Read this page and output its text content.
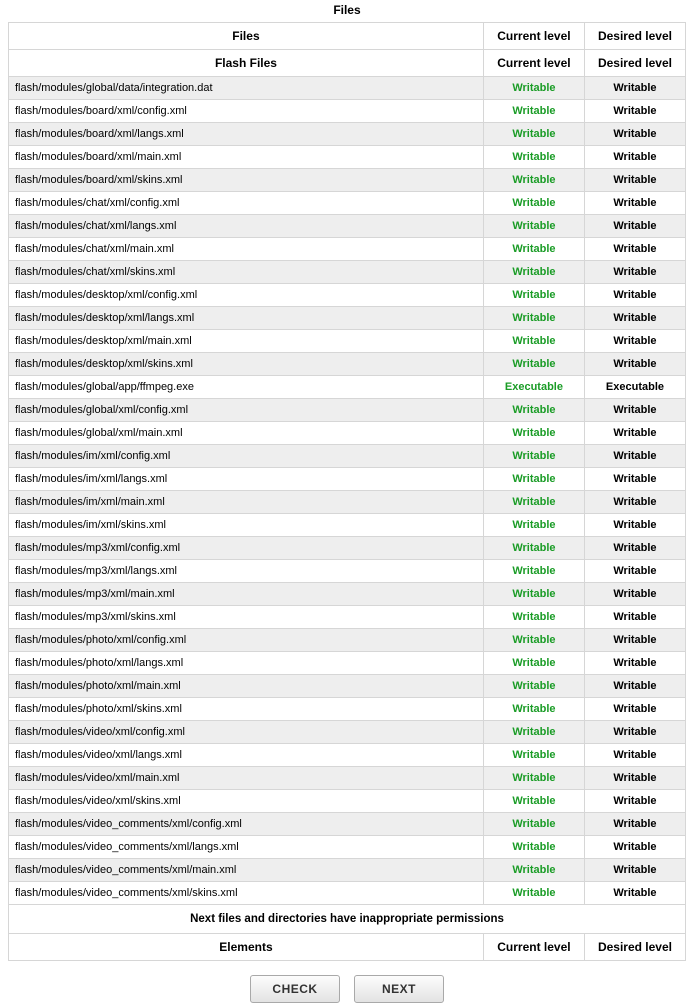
Files
Files	Current level	Desired level
Flash Files	Current level	Desired level
flash/modules/global/data/integration.dat	Writable	Writable
flash/modules/board/xml/config.xml	Writable	Writable
flash/modules/board/xml/langs.xml	Writable	Writable
flash/modules/board/xml/main.xml	Writable	Writable
flash/modules/board/xml/skins.xml	Writable	Writable
flash/modules/chat/xml/config.xml	Writable	Writable
flash/modules/chat/xml/langs.xml	Writable	Writable
flash/modules/chat/xml/main.xml	Writable	Writable
flash/modules/chat/xml/skins.xml	Writable	Writable
flash/modules/desktop/xml/config.xml	Writable	Writable
flash/modules/desktop/xml/langs.xml	Writable	Writable
flash/modules/desktop/xml/main.xml	Writable	Writable
flash/modules/desktop/xml/skins.xml	Writable	Writable
flash/modules/global/app/ffmpeg.exe	Executable	Executable
flash/modules/global/xml/config.xml	Writable	Writable
flash/modules/global/xml/main.xml	Writable	Writable
flash/modules/im/xml/config.xml	Writable	Writable
flash/modules/im/xml/langs.xml	Writable	Writable
flash/modules/im/xml/main.xml	Writable	Writable
flash/modules/im/xml/skins.xml	Writable	Writable
flash/modules/mp3/xml/config.xml	Writable	Writable
flash/modules/mp3/xml/langs.xml	Writable	Writable
flash/modules/mp3/xml/main.xml	Writable	Writable
flash/modules/mp3/xml/skins.xml	Writable	Writable
flash/modules/photo/xml/config.xml	Writable	Writable
flash/modules/photo/xml/langs.xml	Writable	Writable
flash/modules/photo/xml/main.xml	Writable	Writable
flash/modules/photo/xml/skins.xml	Writable	Writable
flash/modules/video/xml/config.xml	Writable	Writable
flash/modules/video/xml/langs.xml	Writable	Writable
flash/modules/video/xml/main.xml	Writable	Writable
flash/modules/video/xml/skins.xml	Writable	Writable
flash/modules/video_comments/xml/config.xml	Writable	Writable
flash/modules/video_comments/xml/langs.xml	Writable	Writable
flash/modules/video_comments/xml/main.xml	Writable	Writable
flash/modules/video_comments/xml/skins.xml	Writable	Writable
Next files and directories have inappropriate permissions		
Elements	Current level	Desired level
CHECK	NEXT
